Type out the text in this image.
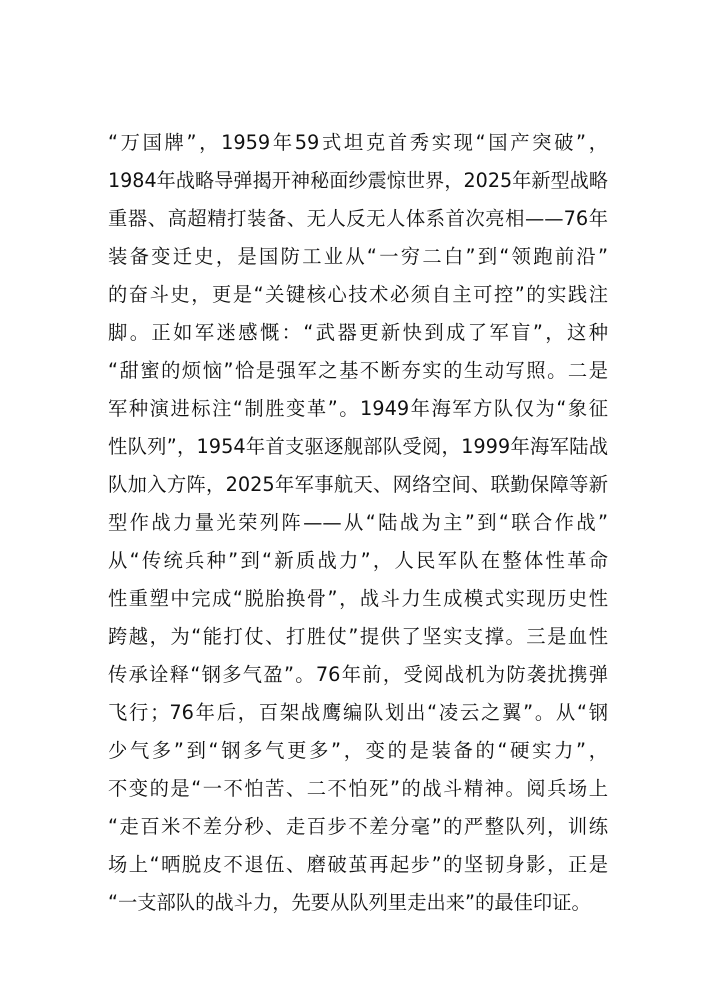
“万国牌”，1959年59式坦克首秀实现“国产突破”，
1984年战略导弹揭开神秘面纱震惊世界，2025年新型战略
重器、高超精打装备、无人反无人体系首次亮相——76年
装备变迁史，是国防工业从“一穷二白”到“领跑前沿”
的奋斗史，更是“关键核心技术必须自主可控”的实践注
脚。正如军迷感慨：“武器更新快到成了军盲”，这种
“甜蜜的烦恼”恰是强军之基不断夯实的生动写照。二是
军种演进标注“制胜变革”。1949年海军方队仅为“象征
性队列”，1954年首支驱逐舰部队受阅，1999年海军陆战
队加入方阵，2025年军事航天、网络空间、联勤保障等新
型作战力量光荣列阵——从“陆战为主”到“联合作战”
从“传统兵种”到“新质战力”，人民军队在整体性革命
性重塑中完成“脱胎换骨”，战斗力生成模式实现历史性
跨越，为“能打仗、打胜仗”提供了坚实支撑。三是血性
传承诠释“钢多气盈”。76年前，受阅战机为防袭扰携弹
飞行；76年后，百架战鹰编队划出“凌云之翼”。从“钢
少气多”到“钢多气更多”，变的是装备的“硬实力”，
不变的是“一不怕苦、二不怕死”的战斗精神。阅兵场上
“走百米不差分秒、走百步不差分毫”的严整队列，训练
场上“晒脱皮不退伍、磨破茧再起步”的坚韧身影，正是
“一支部队的战斗力，先要从队列里走出来”的最佳印证。
